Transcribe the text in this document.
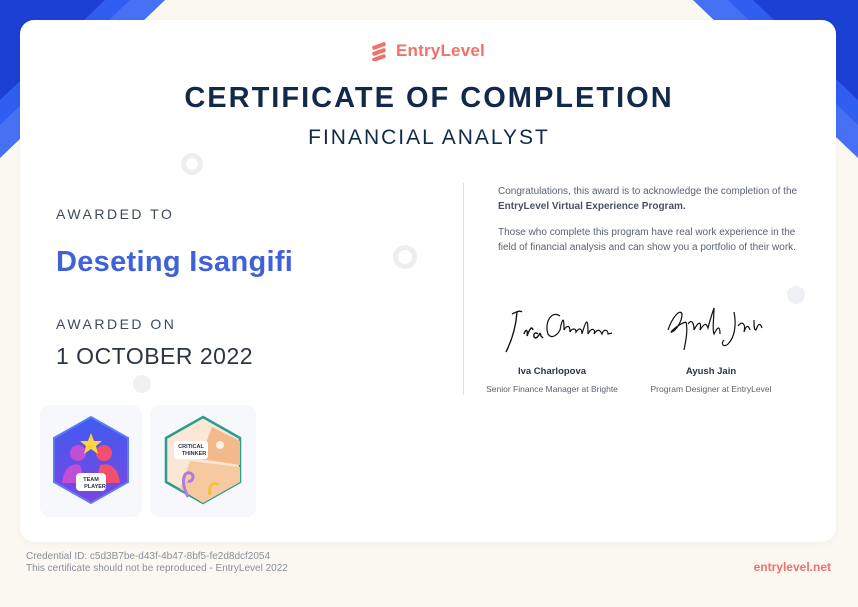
EntryLevel
CERTIFICATE OF COMPLETION
FINANCIAL ANALYST
AWARDED TO
Deseting Isangifi
AWARDED ON
1 OCTOBER 2022
Congratulations, this award is to acknowledge the completion of the EntryLevel Virtual Experience Program.
Those who complete this program have real work experience in the field of financial analysis and can show you a portfolio of their work.
Iva Charlopova
Senior Finance Manager at Brighte
Ayush Jain
Program Designer at EntryLevel
TEAM
PLAYER
CRITICAL
THINKER
Credential ID: c5d3B7be-d43f-4b47-8bf5-fe2d8dcf2054
This certificate should not be reproduced - EntryLevel 2022	entrylevel.net
